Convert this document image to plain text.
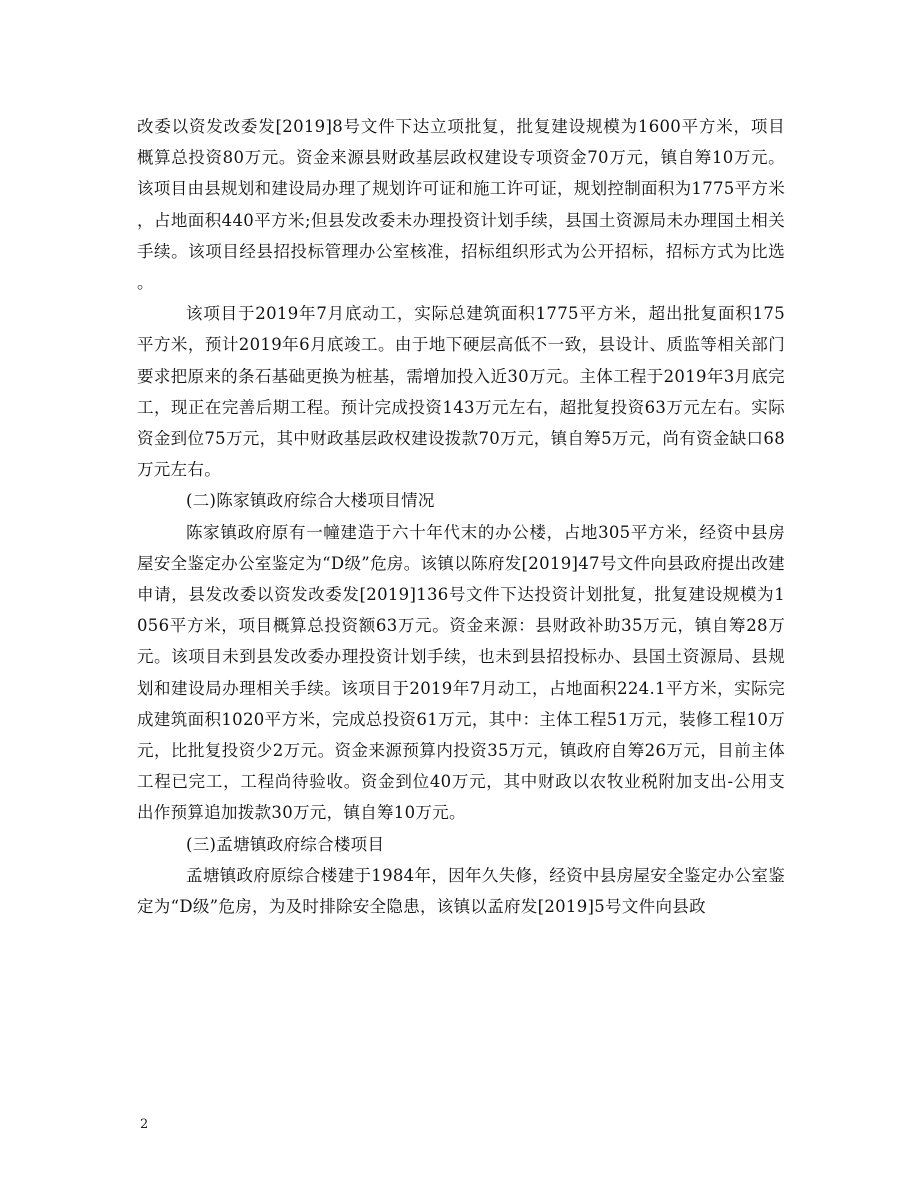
改委以资发改委发[2019]8号文件下达立项批复，批复建设规模为1600平方米，项目概算总投资80万元。资金来源县财政基层政权建设专项资金70万元，镇自筹10万元。该项目由县规划和建设局办理了规划许可证和施工许可证，规划控制面积为1775平方米，占地面积440平方米;但县发改委未办理投资计划手续，县国土资源局未办理国土相关手续。该项目经县招投标管理办公室核准，招标组织形式为公开招标，招标方式为比选。

该项目于2019年7月底动工，实际总建筑面积1775平方米，超出批复面积175平方米，预计2019年6月底竣工。由于地下硬层高低不一致，县设计、质监等相关部门要求把原来的条石基础更换为桩基，需增加投入近30万元。主体工程于2019年3月底完工，现正在完善后期工程。预计完成投资143万元左右，超批复投资63万元左右。实际资金到位75万元，其中财政基层政权建设拨款70万元，镇自筹5万元，尚有资金缺口68万元左右。

(二)陈家镇政府综合大楼项目情况

陈家镇政府原有一幢建造于六十年代末的办公楼，占地305平方米，经资中县房屋安全鉴定办公室鉴定为“D级”危房。该镇以陈府发[2019]47号文件向县政府提出改建申请，县发改委以资发改委发[2019]136号文件下达投资计划批复，批复建设规模为1056平方米，项目概算总投资额63万元。资金来源：县财政补助35万元，镇自筹28万元。该项目未到县发改委办理投资计划手续，也未到县招投标办、县国土资源局、县规划和建设局办理相关手续。该项目于2019年7月动工，占地面积224.1平方米，实际完成建筑面积1020平方米，完成总投资61万元，其中：主体工程51万元，装修工程10万元，比批复投资少2万元。资金来源预算内投资35万元，镇政府自筹26万元，目前主体工程已完工，工程尚待验收。资金到位40万元，其中财政以农牧业税附加支出-公用支出作预算追加拨款30万元，镇自筹10万元。

(三)孟塘镇政府综合楼项目

孟塘镇政府原综合楼建于1984年，因年久失修，经资中县房屋安全鉴定办公室鉴定为“D级”危房，为及时排除安全隐患，该镇以孟府发[2019]5号文件向县政

2
